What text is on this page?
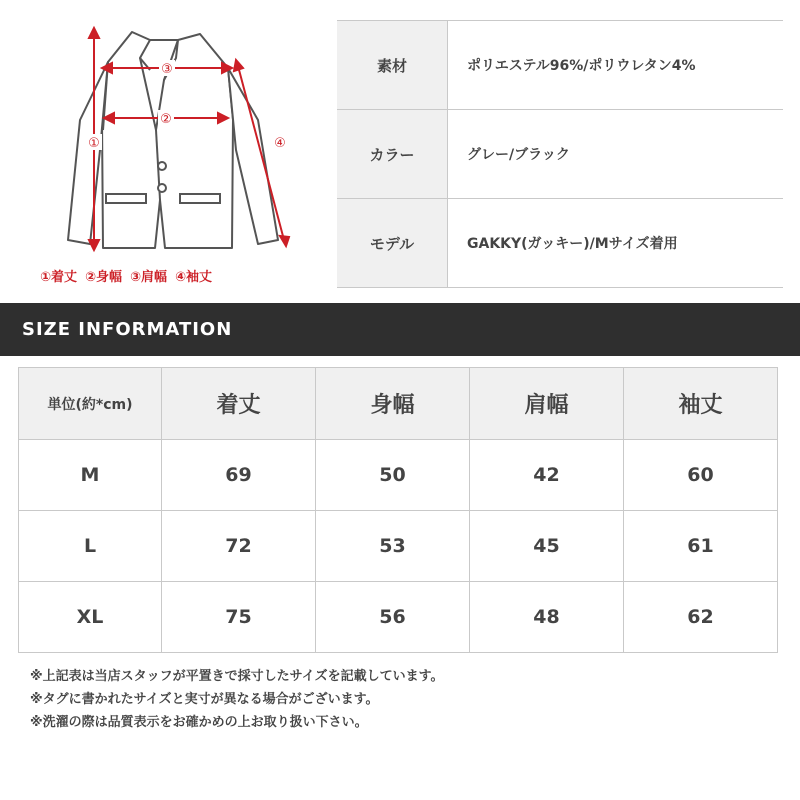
①
②
③
④
①着丈 ②身幅 ③肩幅 ④袖丈
素材	ポリエステル96%/ポリウレタン4%
カラー	グレー/ブラック
モデル	GAKKY(ガッキー)/Mサイズ着用
SIZE INFORMATION
単位(約*cm)	着丈	身幅	肩幅	袖丈
M	69	50	42	60
L	72	53	45	61
XL	75	56	48	62
※上記表は当店スタッフが平置きで採寸したサイズを記載しています。
※タグに書かれたサイズと実寸が異なる場合がございます。
※洗濯の際は品質表示をお確かめの上お取り扱い下さい。
